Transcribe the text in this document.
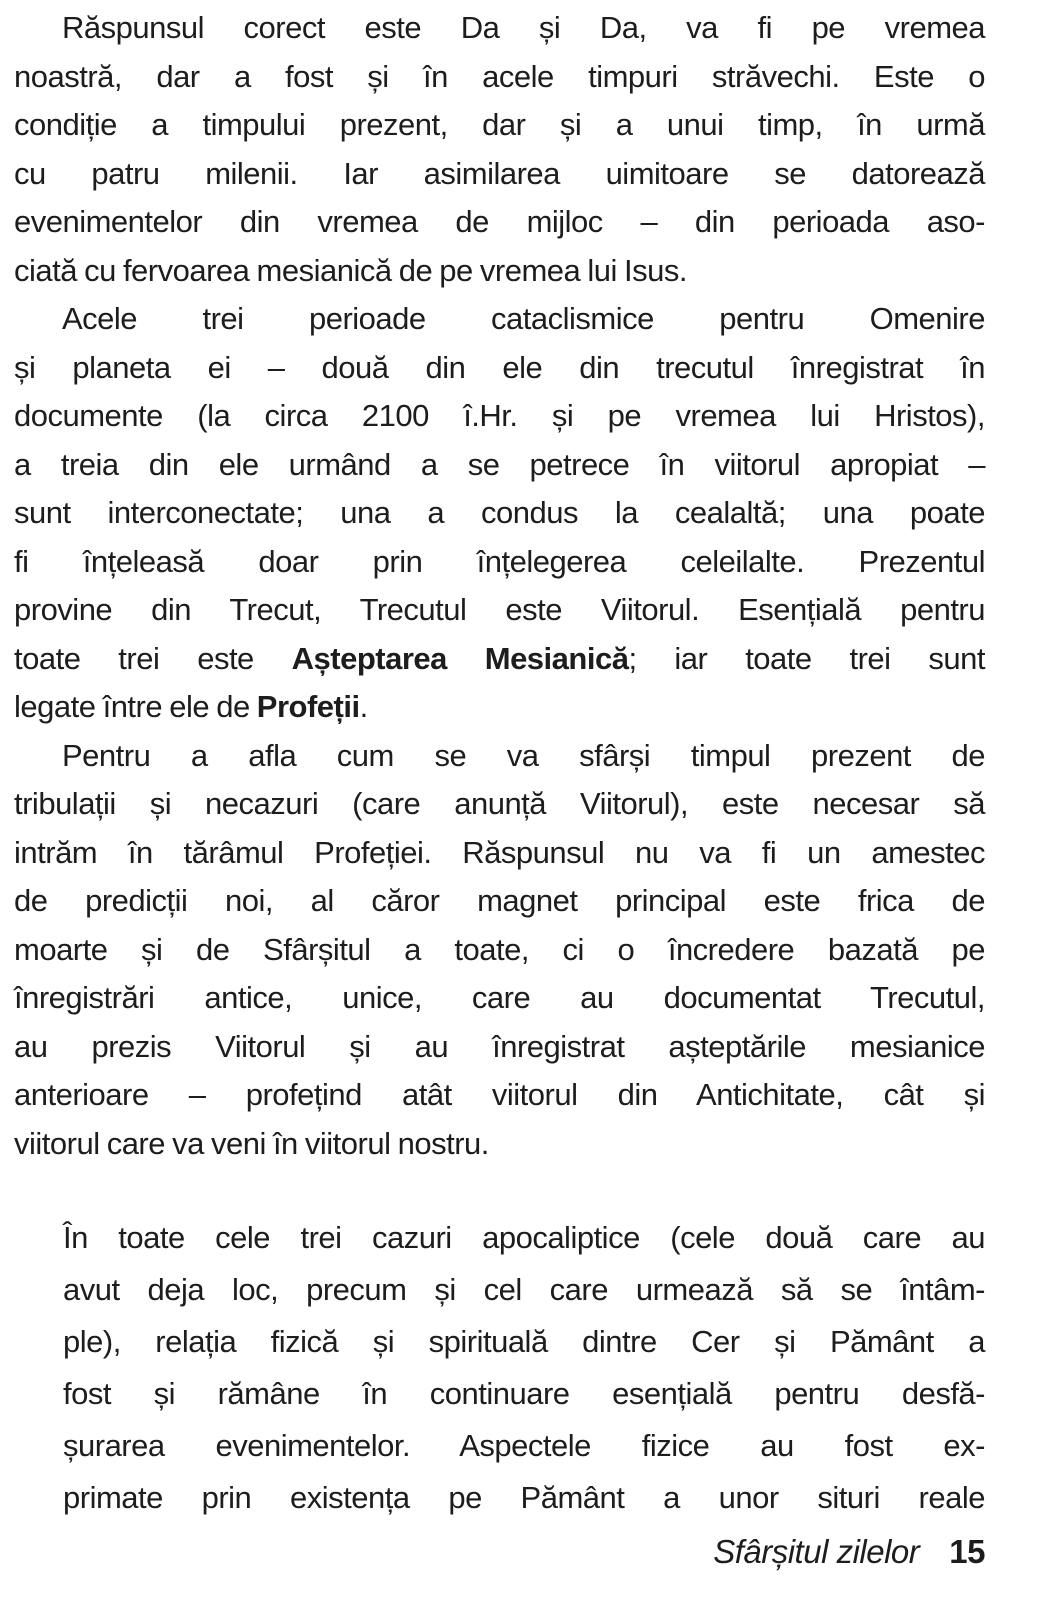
Răspunsul corect este Da și Da, va fi pe vremea
noastră, dar a fost și în acele timpuri străvechi. Este o
condiție a timpului prezent, dar și a unui timp, în urmă
cu patru milenii. Iar asimilarea uimitoare se datorează
evenimentelor din vremea de mijloc – din perioada aso-
ciată cu fervoarea mesianică de pe vremea lui Isus.
Acele trei perioade cataclismice pentru Omenire
și planeta ei – două din ele din trecutul înregistrat în
documente (la circa 2100 î.Hr. și pe vremea lui Hristos),
a treia din ele urmând a se petrece în viitorul apropiat –
sunt interconectate; una a condus la cealaltă; una poate
fi înțeleasă doar prin înțelegerea celeilalte. Prezentul
provine din Trecut, Trecutul este Viitorul. Esențială pentru
toate trei este Așteptarea Mesianică; iar toate trei sunt
legate între ele de Profeții.
Pentru a afla cum se va sfârși timpul prezent de
tribulații și necazuri (care anunță Viitorul), este necesar să
intrăm în tărâmul Profeției. Răspunsul nu va fi un amestec
de predicții noi, al căror magnet principal este frica de
moarte și de Sfârșitul a toate, ci o încredere bazată pe
înregistrări antice, unice, care au documentat Trecutul,
au prezis Viitorul și au înregistrat așteptările mesianice
anterioare – profețind atât viitorul din Antichitate, cât și
viitorul care va veni în viitorul nostru.
În toate cele trei cazuri apocaliptice (cele două care au
avut deja loc, precum și cel care urmează să se întâm-
ple), relația fizică și spirituală dintre Cer și Pământ a
fost și rămâne în continuare esențială pentru desfă-
șurarea evenimentelor. Aspectele fizice au fost ex-
primate prin existența pe Pământ a unor situri reale
Sfârșitul zilelor 15
